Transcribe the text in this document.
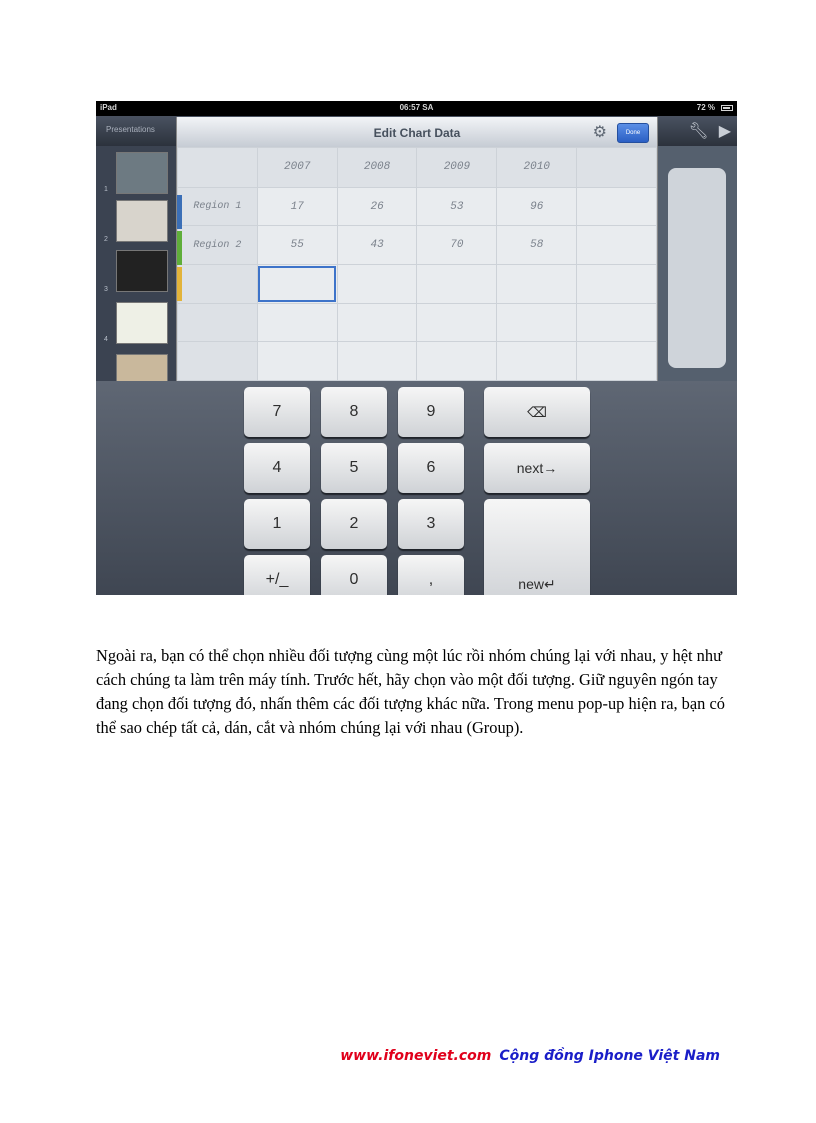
iPad	06:57 SA	72 %
Presentations	🔧︎ ▶
1
2
3
4
Edit Chart Data	⚙	Done
	2007	2008	2009	2010	
Region 1	17	26	53	96	
Region 2	55	43	70	58	

7	8	9	⌫
4	5	6	next→
1	2	3
new↵
+/_	0	,

Ngoài ra, bạn có thể chọn nhiều đối tượng cùng một lúc rồi nhóm chúng lại với nhau, y hệt như cách chúng ta làm trên máy tính. Trước hết, hãy chọn vào một đối tượng. Giữ nguyên ngón tay đang chọn đối tượng đó, nhấn thêm các đối tượng khác nữa. Trong menu pop-up hiện ra, bạn có thể sao chép tất cả, dán, cắt và nhóm chúng lại với nhau (Group).

www.ifoneviet.com Cộng đồng Iphone Việt Nam
